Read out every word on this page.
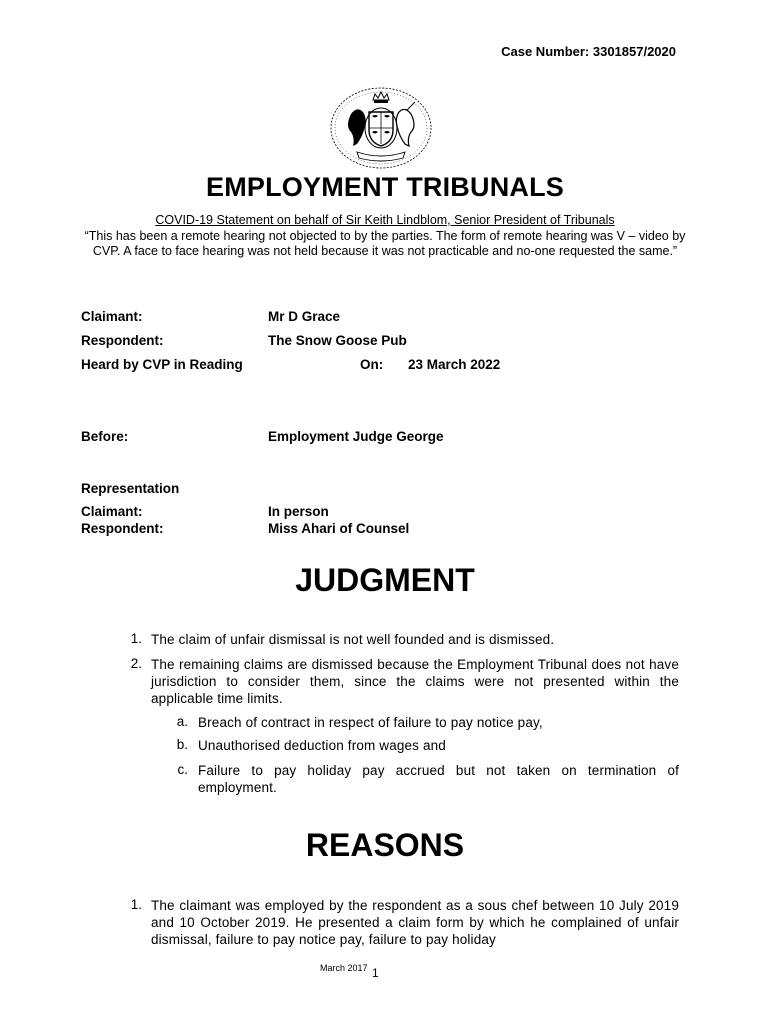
Case Number: 3301857/2020
EMPLOYMENT TRIBUNALS
COVID-19 Statement on behalf of Sir Keith Lindblom, Senior President of Tribunals
“This has been a remote hearing not objected to by the parties. The form of remote hearing was V – video by CVP. A face to face hearing was not held because it was not practicable and no-one requested the same.”
Claimant:	Mr D Grace
Respondent:	The Snow Goose Pub
Heard by CVP in Reading	On: 23 March 2022
Before:	Employment Judge George
Representation
Claimant:	In person
Respondent:	Miss Ahari of Counsel
JUDGMENT
1. The claim of unfair dismissal is not well founded and is dismissed.
2. The remaining claims are dismissed because the Employment Tribunal does not have jurisdiction to consider them, since the claims were not presented within the applicable time limits.
a. Breach of contract in respect of failure to pay notice pay,
b. Unauthorised deduction from wages and
c. Failure to pay holiday pay accrued but not taken on termination of employment.
REASONS
1. The claimant was employed by the respondent as a sous chef between 10 July 2019 and 10 October 2019. He presented a claim form by which he complained of unfair dismissal, failure to pay notice pay, failure to pay holiday
March 2017 1
